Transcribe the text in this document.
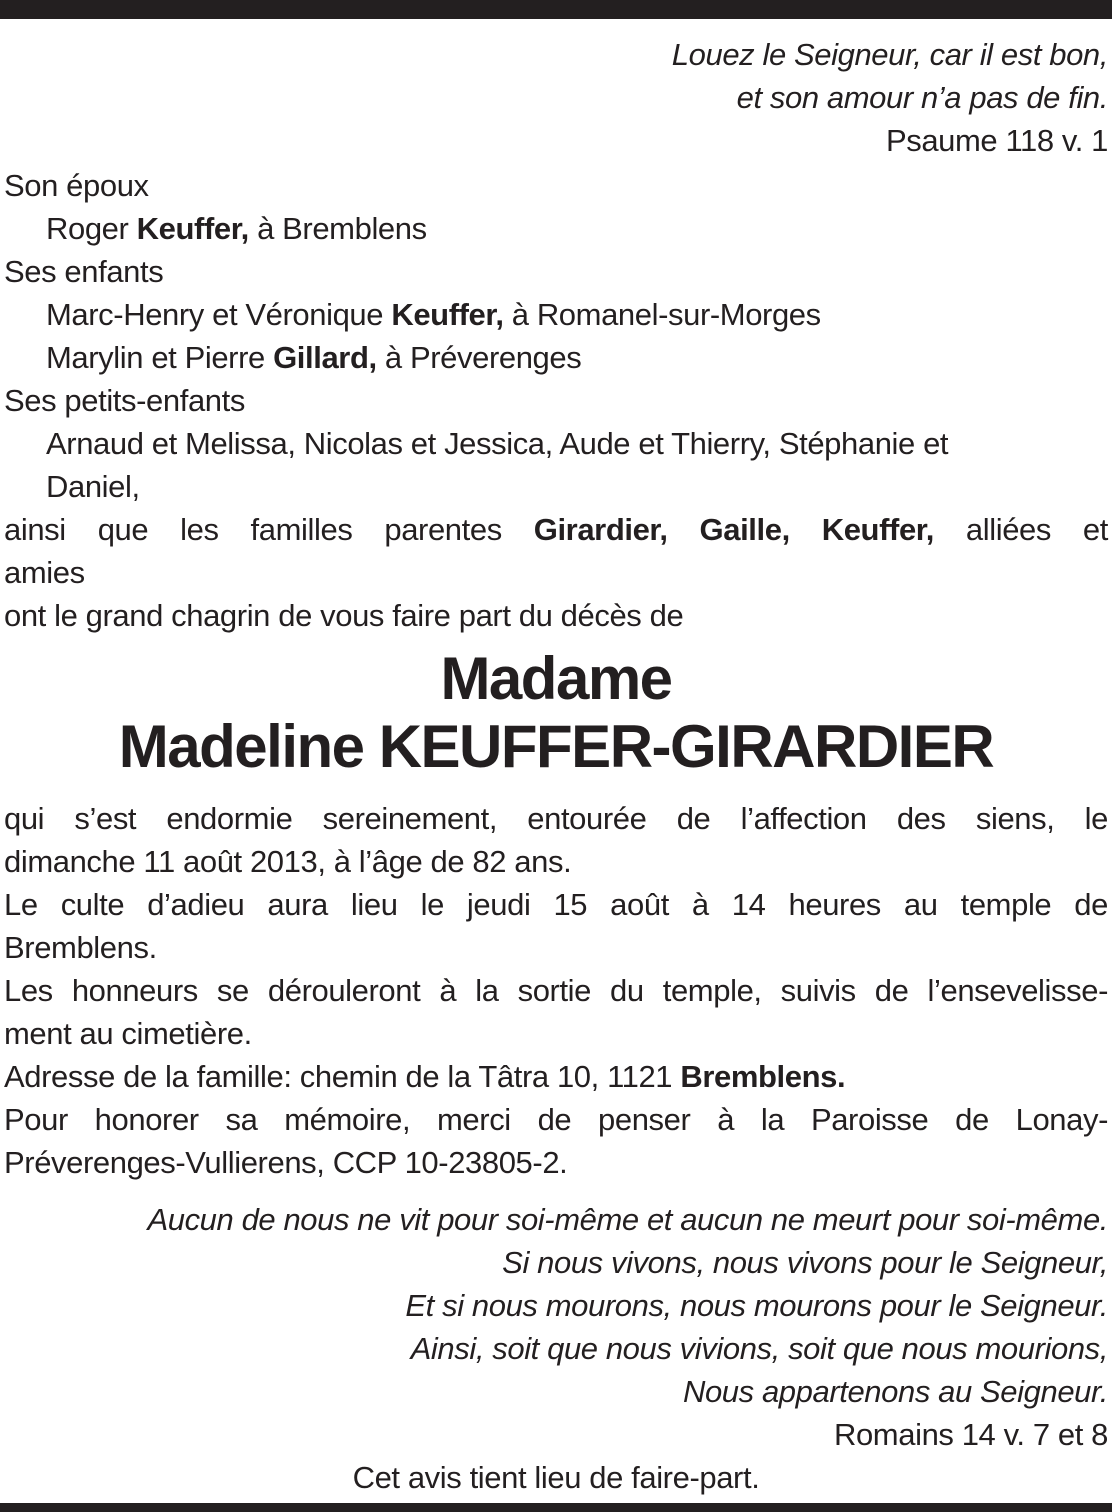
Louez le Seigneur, car il est bon,
et son amour n’a pas de fin.
Psaume 118 v. 1
Son époux
Roger Keuffer, à Bremblens
Ses enfants
Marc-Henry et Véronique Keuffer, à Romanel-sur-Morges
Marylin et Pierre Gillard, à Préverenges
Ses petits-enfants
Arnaud et Melissa, Nicolas et Jessica, Aude et Thierry, Stéphanie et
Daniel,
ainsi que les familles parentes Girardier, Gaille, Keuffer, alliées et
amies
ont le grand chagrin de vous faire part du décès de
Madame
Madeline KEUFFER-GIRARDIER
qui s’est endormie sereinement, entourée de l’affection des siens, le
dimanche 11 août 2013, à l’âge de 82 ans.
Le culte d’adieu aura lieu le jeudi 15 août à 14 heures au temple de
Bremblens.
Les honneurs se dérouleront à la sortie du temple, suivis de l’ensevelisse-
ment au cimetière.
Adresse de la famille: chemin de la Tâtra 10, 1121 Bremblens.
Pour honorer sa mémoire, merci de penser à la Paroisse de Lonay-
Préverenges-Vullierens, CCP 10-23805-2.
Aucun de nous ne vit pour soi-même et aucun ne meurt pour soi-même.
Si nous vivons, nous vivons pour le Seigneur,
Et si nous mourons, nous mourons pour le Seigneur.
Ainsi, soit que nous vivions, soit que nous mourions,
Nous appartenons au Seigneur.
Romains 14 v. 7 et 8
Cet avis tient lieu de faire-part.
